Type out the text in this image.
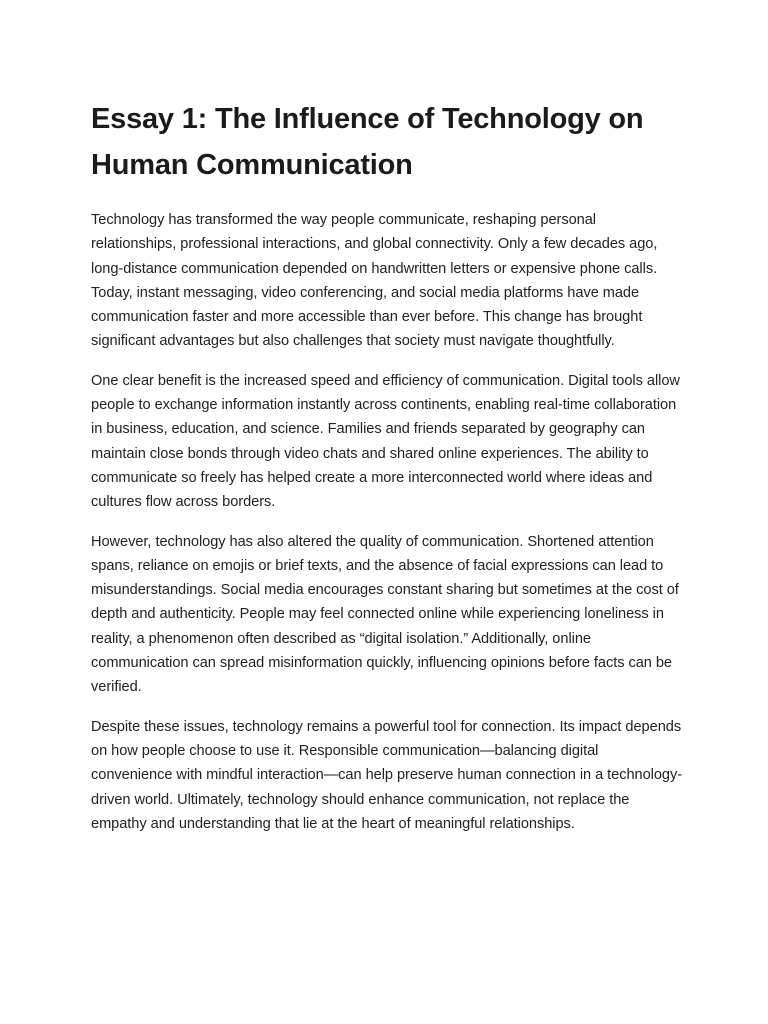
Essay 1: The Influence of Technology on Human Communication

Technology has transformed the way people communicate, reshaping personal relationships, professional interactions, and global connectivity. Only a few decades ago, long-distance communication depended on handwritten letters or expensive phone calls. Today, instant messaging, video conferencing, and social media platforms have made communication faster and more accessible than ever before. This change has brought significant advantages but also challenges that society must navigate thoughtfully.

One clear benefit is the increased speed and efficiency of communication. Digital tools allow people to exchange information instantly across continents, enabling real-time collaboration in business, education, and science. Families and friends separated by geography can maintain close bonds through video chats and shared online experiences. The ability to communicate so freely has helped create a more interconnected world where ideas and cultures flow across borders.

However, technology has also altered the quality of communication. Shortened attention spans, reliance on emojis or brief texts, and the absence of facial expressions can lead to misunderstandings. Social media encourages constant sharing but sometimes at the cost of depth and authenticity. People may feel connected online while experiencing loneliness in reality, a phenomenon often described as “digital isolation.” Additionally, online communication can spread misinformation quickly, influencing opinions before facts can be verified.

Despite these issues, technology remains a powerful tool for connection. Its impact depends on how people choose to use it. Responsible communication—balancing digital convenience with mindful interaction—can help preserve human connection in a technology-driven world. Ultimately, technology should enhance communication, not replace the empathy and understanding that lie at the heart of meaningful relationships.
